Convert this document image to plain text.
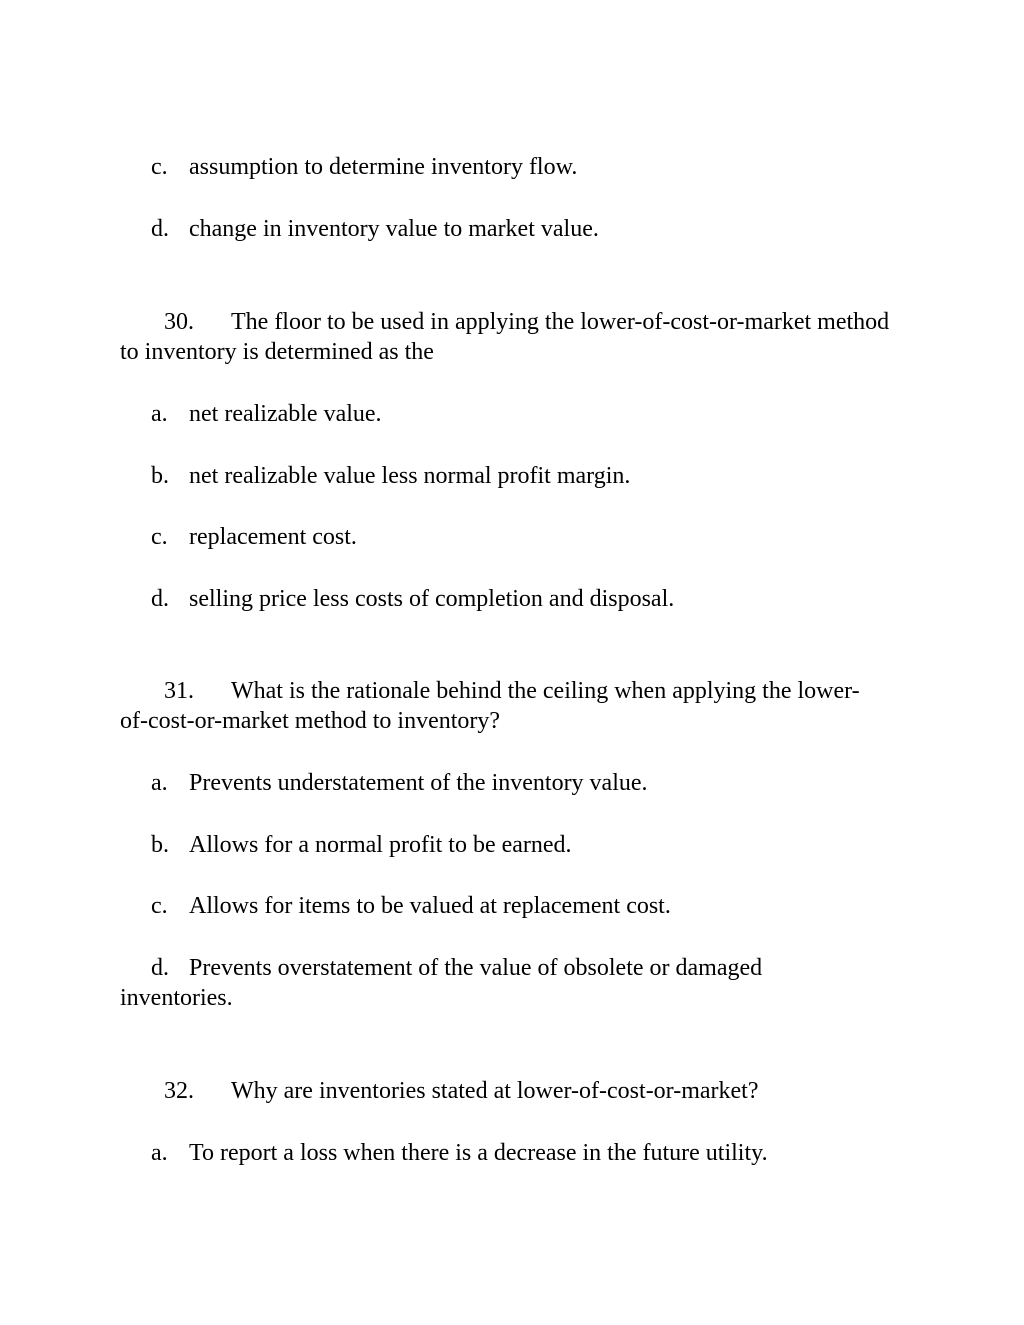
c. assumption to determine inventory flow.
d. change in inventory value to market value.
30. The floor to be used in applying the lower-of-cost-or-market method to inventory is determined as the
a. net realizable value.
b. net realizable value less normal profit margin.
c. replacement cost.
d. selling price less costs of completion and disposal.
31. What is the rationale behind the ceiling when applying the lower-of-cost-or-market method to inventory?
a. Prevents understatement of the inventory value.
b. Allows for a normal profit to be earned.
c. Allows for items to be valued at replacement cost.
d. Prevents overstatement of the value of obsolete or damaged inventories.
32. Why are inventories stated at lower-of-cost-or-market?
a. To report a loss when there is a decrease in the future utility.
